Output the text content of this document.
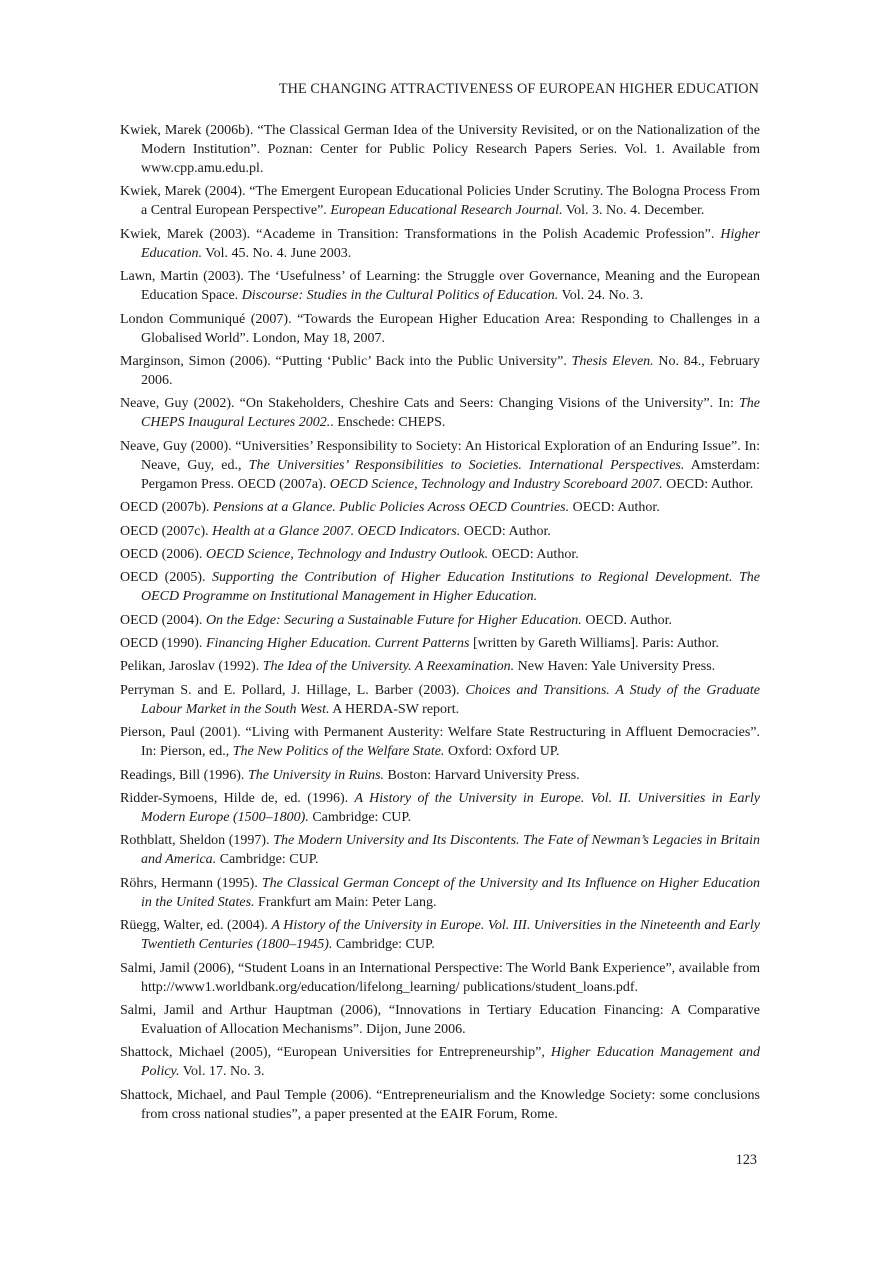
THE CHANGING ATTRACTIVENESS OF EUROPEAN HIGHER EDUCATION
Kwiek, Marek (2006b). “The Classical German Idea of the University Revisited, or on the Nationalization of the Modern Institution”. Poznan: Center for Public Policy Research Papers Series. Vol. 1. Available from www.cpp.amu.edu.pl.
Kwiek, Marek (2004). “The Emergent European Educational Policies Under Scrutiny. The Bologna Process From a Central European Perspective”. European Educational Research Journal. Vol. 3. No. 4. December.
Kwiek, Marek (2003). “Academe in Transition: Transformations in the Polish Academic Profession”. Higher Education. Vol. 45. No. 4. June 2003.
Lawn, Martin (2003). The ‘Usefulness’ of Learning: the Struggle over Governance, Meaning and the European Education Space. Discourse: Studies in the Cultural Politics of Education. Vol. 24. No. 3.
London Communiqué (2007). “Towards the European Higher Education Area: Responding to Challenges in a Globalised World”. London, May 18, 2007.
Marginson, Simon (2006). “Putting ‘Public’ Back into the Public University”. Thesis Eleven. No. 84., February 2006.
Neave, Guy (2002). “On Stakeholders, Cheshire Cats and Seers: Changing Visions of the University”. In: The CHEPS Inaugural Lectures 2002.. Enschede: CHEPS.
Neave, Guy (2000). “Universities’ Responsibility to Society: An Historical Exploration of an Enduring Issue”. In: Neave, Guy, ed., The Universities’ Responsibilities to Societies. International Perspectives. Amsterdam: Pergamon Press. OECD (2007a). OECD Science, Technology and Industry Scoreboard 2007. OECD: Author.
OECD (2007b). Pensions at a Glance. Public Policies Across OECD Countries. OECD: Author.
OECD (2007c). Health at a Glance 2007. OECD Indicators. OECD: Author.
OECD (2006). OECD Science, Technology and Industry Outlook. OECD: Author.
OECD (2005). Supporting the Contribution of Higher Education Institutions to Regional Development. The OECD Programme on Institutional Management in Higher Education.
OECD (2004). On the Edge: Securing a Sustainable Future for Higher Education. OECD. Author.
OECD (1990). Financing Higher Education. Current Patterns [written by Gareth Williams]. Paris: Author.
Pelikan, Jaroslav (1992). The Idea of the University. A Reexamination. New Haven: Yale University Press.
Perryman S. and E. Pollard, J. Hillage, L. Barber (2003). Choices and Transitions. A Study of the Graduate Labour Market in the South West. A HERDA-SW report.
Pierson, Paul (2001). “Living with Permanent Austerity: Welfare State Restructuring in Affluent Democracies”. In: Pierson, ed., The New Politics of the Welfare State. Oxford: Oxford UP.
Readings, Bill (1996). The University in Ruins. Boston: Harvard University Press.
Ridder-Symoens, Hilde de, ed. (1996). A History of the University in Europe. Vol. II. Universities in Early Modern Europe (1500–1800). Cambridge: CUP.
Rothblatt, Sheldon (1997). The Modern University and Its Discontents. The Fate of Newman’s Legacies in Britain and America. Cambridge: CUP.
Röhrs, Hermann (1995). The Classical German Concept of the University and Its Influence on Higher Education in the United States. Frankfurt am Main: Peter Lang.
Rüegg, Walter, ed. (2004). A History of the University in Europe. Vol. III. Universities in the Nineteenth and Early Twentieth Centuries (1800–1945). Cambridge: CUP.
Salmi, Jamil (2006), “Student Loans in an International Perspective: The World Bank Experience”, available from http://www1.worldbank.org/education/lifelong_learning/ publications/student_loans.pdf.
Salmi, Jamil and Arthur Hauptman (2006), “Innovations in Tertiary Education Financing: A Comparative Evaluation of Allocation Mechanisms”. Dijon, June 2006.
Shattock, Michael (2005), “European Universities for Entrepreneurship”, Higher Education Management and Policy. Vol. 17. No. 3.
Shattock, Michael, and Paul Temple (2006). “Entrepreneurialism and the Knowledge Society: some conclusions from cross national studies”, a paper presented at the EAIR Forum, Rome.
123
